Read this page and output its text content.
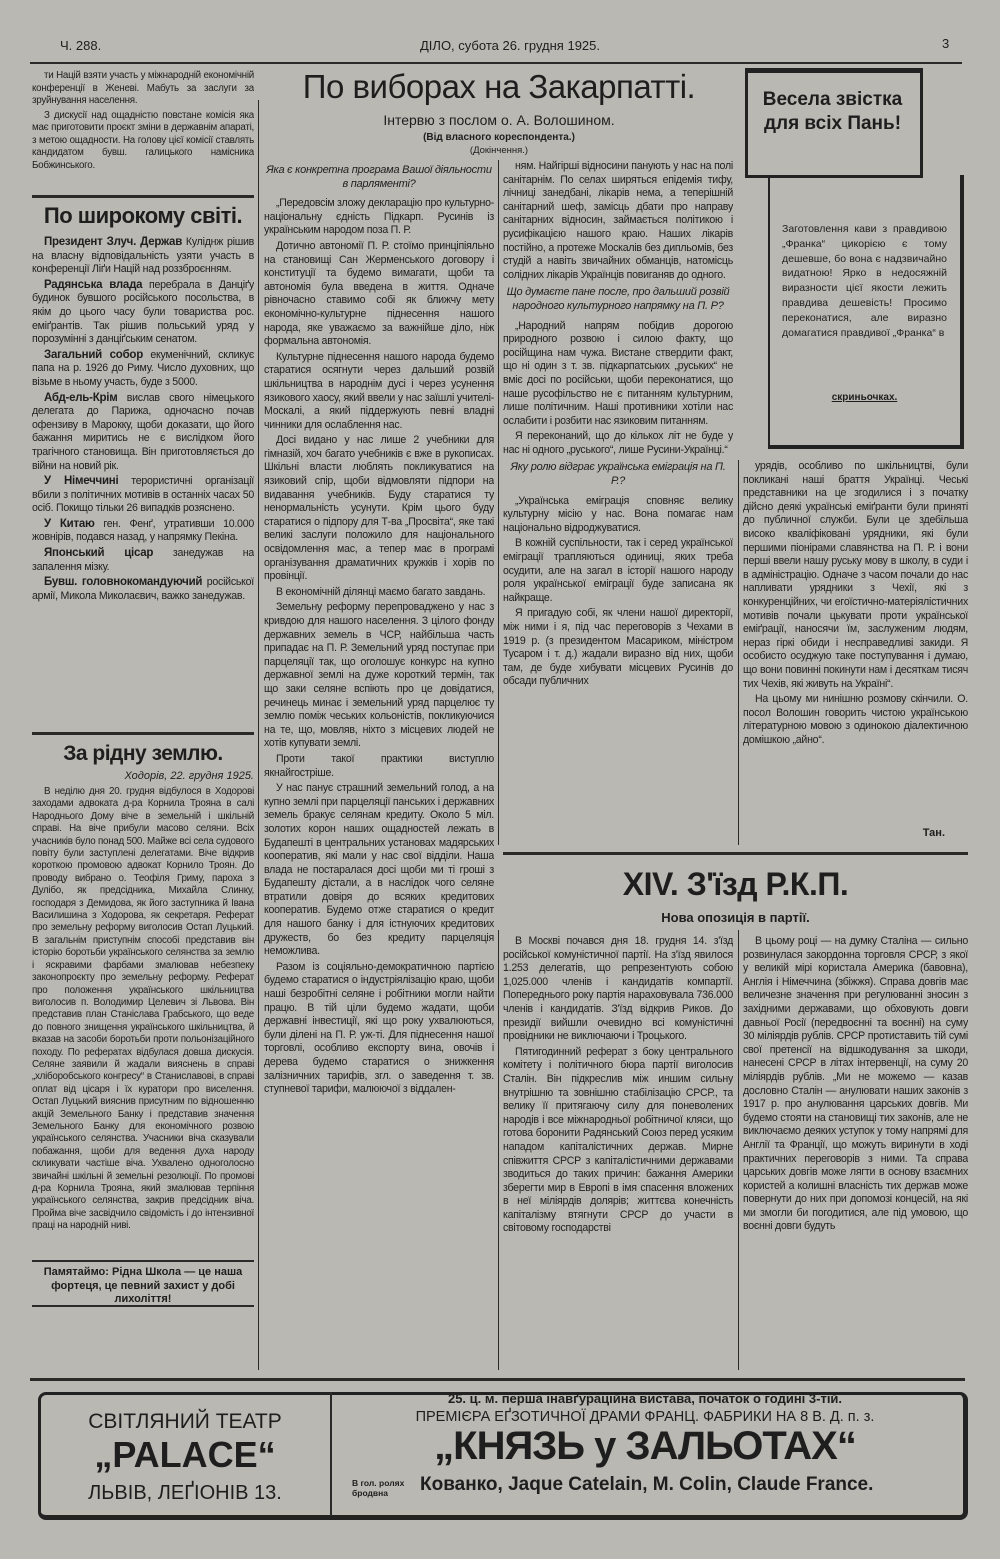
Ч. 288.	ДІЛО, субота 26. грудня 1925.	3

ти Націй взяти участь у міжнародній економічній конференції в Женеві. Мабуть за заслуги за зруйнування населення.

З дискусії над ощадністю повстане комісія яка має приготовити проєкт зміни в державнім апараті, з метою ощадности. На голову цієї комісії ставлять кандидатом бувш. галицького намісника Бобжинського.

По широкому світі.

Президент Злуч. Держав Куліднж рішив на власну відповідальність узяти участь в конференції Ліґи Націй над роззброєнням.

Радянська влада перебрала в Данціґу будинок бувшого російського посольства, в якім до цього часу були товариства рос. еміґрантів. Так рішив польський уряд у порозумінні з данціґським сенатом.

Загальний собор екуменічний, скликує папа на р. 1926 до Риму. Число духовних, що візьме в ньому участь, буде з 5000.

Абд-ель-Крім вислав свого німецького делегата до Парижа, одночасно почав офензиву в Марокку, щоби доказати, що його бажання миритись не є вислідком його трагічного становища. Він приготовляється до війни на новий рік.

У Німеччині терористичні організації вбили з політичних мотивів в останніх часах 50 осіб. Покищо тільки 26 випадків розяснено.

У Китаю ген. Фенґ, утративши 10.000 жовнірів, подався назад, у напрямку Пекіна.

Японський цісар занедужав на запалення мізку.

Бувш. головнокомандуючий російської армії, Микола Миколаєвич, важко занедужав.

За рідну землю.
Ходорів, 22. грудня 1925.

В неділю дня 20. грудня відбулося в Ходорові заходами адвоката д-ра Корнила Трояна в салі Народнього Дому віче в земельній і шкільній справі. На віче прибули масово селяни. Всіх учасників було понад 500. Майже всі села судового повіту були заступлені делегатами. Віче відкрив короткою промовою адвокат Корнило Троян. До проводу вибрано о. Теофіля Гриму, пароха з Дулібо, як предсідника, Михайла Слинку, господаря з Демидова, як його заступника й Івана Василишина з Ходорова, як секретаря. Реферат про земельну реформу виголосив Остап Луцький. В загальнім приступнім способі представив він історію боротьби українського селянства за землю і яскравими фарбами змалював небезпеку законопроєкту про земельну реформу. Реферат про положення українського шкільництва виголосив п. Володимир Целевич зі Львова. Він представив план Станіслава Грабського, що веде до повного знищення українського шкільництва, й вказав на засоби боротьби проти польонізаційного походу. По рефератах відбулася довша дискусія. Селяне заявили й жадали вияснень в справі „хліборобського конгресу“ в Станиславові, в справі оплат від цісаря і їх куратори про виселення. Остап Луцький вияснив присутним по відношенню акцій Земельного Банку і представив значення Земельного Банку для економічного розвою українського селянства. Учасники віча сказували побажання, щоби для ведення духа народу скликувати частіше віча. Ухвалено одноголосно звичайні шкільні й земельні резолюції. По промові д-ра Корнила Трояна, який змалював терпіння українського селянства, закрив предсідник віча. Пройма віче засвідчило свідомість і до інтензивної праці на народній ниві.

Памятаймо: Рідна Школа — це наша фортеця, це певний захист у добі лихоліття!
По виборах на Закарпатті.
Інтервю з послом о. А. Волошином.
(Від власного кореспондента.)
(Докінчення.)

Яка є конкретна програма Вашої діяльности в парляменті?

„Передовсім зложу декларацію про культурно-національну єдність Підкарп. Русинів із українським народом поза П. Р.

Дотично автономії П. Р. стоїмо принціпіяльно на становищі Сан Жерменського договору і конституції та будемо вимагати, щоби та автономія була введена в життя. Одначе рівночасно ставимо собі як ближчу мету економічно-культурне піднесення нашого народа, яке уважаємо за важнійше діло, ніж формальна автономія.

Культурне піднесення нашого народа будемо старатися осягнути через дальший розвій шкільництва в народнім дусі і через усунення язикового хаосу, який ввели у нас заїшлі учителі-Москалі, а який піддержують певні владні чинники для ослаблення нас.

Досі видано у нас лише 2 учебники для гімназій, хоч багато учебників є вже в рукописах. Шкільні власти люблять покликуватися на язиковий спір, щоби відмовляти підпори на видавання учебників. Буду старатися ту ненормальність усунути. Крім цього буду старатися о підпору для Т-ва „Просвіта“, яке такі великі заслуги положило для національного освідомлення мас, а тепер має в програмі організування драматичних кружків і хорів по провінції.

В економічній ділянці маємо багато завдань.

Земельну реформу перепроваджено у нас з кривдою для нашого населення. З цілого фонду державних земель в ЧСР, найбільша часть припадає на П. Р. Земельний уряд поступає при парцеляції так, що оголошує конкурс на купно державної землі на дуже короткий термін, так що заки селяне вспіють про це довідатися, речинець минає і земельний уряд парцелює ту землю поміж чеських кольоністів, покликуючися на те, що, мовляв, ніхто з місцевих людей не хотів купувати землі.

Проти такої практики виступлю якнайгостріше.

У нас панує страшний земельний голод, а на купно землі при парцеляції панських і державних земель бракує селянам кредиту. Около 5 міл. золотих корон наших ощадностей лежать в Будапешті в центральних установах мадярських кооператив, які мали у нас свої відділи. Наша влада не постаралася досі щоби ми ті гроші з Будапешту дістали, а в наслідок чого селяне втратили довіря до всяких кредитових кооператив. Будемо отже старатися о кредит для нашого банку і для істнуючих кредитових дружеств, бо без кредиту парцеляція неможлива.

Разом із соціяльно-демократичною партією будемо старатися о індустріялізацію краю, щоби наші безробітні селяне і робітники могли найти працю. В тій ціли будемо жадати, щоби державні інвестиції, які що року ухвалюються, були ділені на П. Р. уж-ті. Для піднесення нашої торговлі, особливо експорту вина, овочів і дерева будемо старатися о знижкення залізничних тарифів, згл. о заведення т. зв. ступневої тарифи, малюючої з віддален-

ням. Найгірші відносини панують у нас на полі санітарнім. По селах ширяться епідемія тифу, лічниці занедбані, лікарів нема, а теперішній санітарний шеф, замісць дбати про направу санітарних відносин, займається політикою і русифікацією нашого краю. Наших лікарів постійно, а протеже Москалів без дипльомів, без студій а навіть звичайних обманців, натомісць солідних лікарів Українців повиганяв до одного.

Що думаєте пане после, про дальший розвій народного культурного напрямку на П. Р?

„Народний напрям побідив дорогою природного розвою і силою факту, що російщина нам чужа. Вистане ствердити факт, що ні один з т. зв. підкарпатських „руських“ не вміє досі по російськи, щоби переконатися, що наше русофільство не є питанням культурним, лише політичним. Наші противники хотіли нас ослабити і розбити нас язиковим питанням.

Я переконаний, що до кількох літ не буде у нас ні одного „руського“, лише Русини-Українці.“

Яку ролю відграє українська еміграція на П. Р.?

„Українська еміграція сповняє велику культурну місію у нас. Вона помагає нам національно відроджуватися.

В кожній суспільности, так і серед української еміграції трапляються одиниці, яких треба осудити, але на загал в історії нашого народу роля української еміграції буде записана як найкраще.

Я пригадую собі, як члени нашої директорії, між ними і я, під час переговорів з Чехами в 1919 р. (з президентом Масариком, міністром Тусаром і т. д.) жадали виразно від них, щоби там, де буде хибувати місцевих Русинів до обсади публичних

Весела звістка для всіх Пань!
Заготовлення кави з правдивою „Франка“ цикорією є тому дешевше, бо вона є надзвичайно видатною! Ярко в недосяжній виразности цієї якости лежить правдива дешевість! Просимо переконатися, але виразно домагатися правдивої „Франка“ в
скриньочках.

урядів, особливо по шкільництві, були покликані наші браття Українці. Чеські представники на це згодилися і з початку дійсно деякі українські еміґранти були приняті до публичної служби. Були це здебільша високо кваліфіковані урядники, які були першими пiонірами славянства на П. Р. і вони перші ввели нашу руську мову в школу, в суди і в адміністрацію. Одначе з часом почали до нас напливати урядники з Чехії, які з конкуренційних, чи егоїстично-матеріялістичних мотивів почали цькувати проти української еміґрації, наносячи їм, заслуженим людям, нераз гіркі обиди і несправедливі закиди. Я особисто осуджую таке поступування і думаю, що вони повинні покинути нам і десяткам тисяч тих Чехів, які живуть на Україні“.

На цьому ми нинішню розмову скінчили. О. посол Волошин говорить чистою українською літературною мовою з одинокою діалектичною домішкою „айно“.

Тан.
XIV. З'їзд Р.К.П.
Нова опозиція в партії.

В Москві почався дня 18. грудня 14. з'їзд російської комуністичної партії. На з'їзд явилося 1.253 делегатів, що репрезентують собою 1,025.000 членів і кандидатів компартії. Попереднього року партія нараховувала 736.000 членів і кандидатів. З'їзд відкрив Риков. До президії вийшли очевидно всі комуністичні провідники не виключаючи і Троцького.

Пятигодинний реферат з боку центрального комітету і політичного бюра партії виголосив Сталін. Він підкреслив між иншим сильну внутрішню та зовнішню стабілізацію СРСР., та велику її притягаючу силу для поневолених народів і все міжнародньої робітничої кляси, що готова боронити Радянський Союз перед усяким нападом капіталістичних держав. Мирне співжиття СРСР з капіталістичними державами зводиться до таких причин: бажання Америки зберегти мир в Европі в імя спасення вложених в неї міліярдів долярів; життєва конечність капіталізму втягнути СРСР до участи в світовому господарстві

В цьому році — на думку Сталіна — сильно розвинулася закордонна торговля СРСР, з якої у великій мірі користала Америка (бавовна), Англія і Німеччина (збіжжя). Справа довгів має величезне значення при регулюванні зносин з західними державами, що обховують довги давньої Росії (передвоєнні та воєнні) на суму 30 міліярдів рублів. СРСР протиставить тій сумі свої претенсії на відшкодування за шкоди, нанесені СРСР в літах інтервенції, на суму 20 міліярдів рублів. „Ми не можемо — казав дословно Сталін — анулювати наших законів з 1917 р. про анулювання царських довгів. Ми будемо стояти на становищі тих законів, але не виключаємо деяких уступок у тому напрямі для Англії та Франції, що можуть виринути в ході практичних переговорів з ними. Та справа царських довгів може лягти в основу взаємних користей а колишні власність тих держав може повернути до них при допомозі концесій, на які ми змогли би погодитися, але під умовою, що воєнні довги будуть

СВІТЛЯНИЙ ТЕАТР
„PALACE“
ЛЬВІВ, ЛЕҐІОНІВ 13.
25. ц. м. перша інавґураційна вистава, початок о годині 3-тій.
ПРЕМІЄРА ЕҐЗОТИЧНОЇ ДРАМИ ФРАНЦ. ФАБРИКИ НА 8 В. Д. п. з.
„КНЯЗЬ у ЗАЛЬОТАХ“
В гол. ролях бродвна	Кованко, Jaque Catelain, M. Colin, Claude France.
